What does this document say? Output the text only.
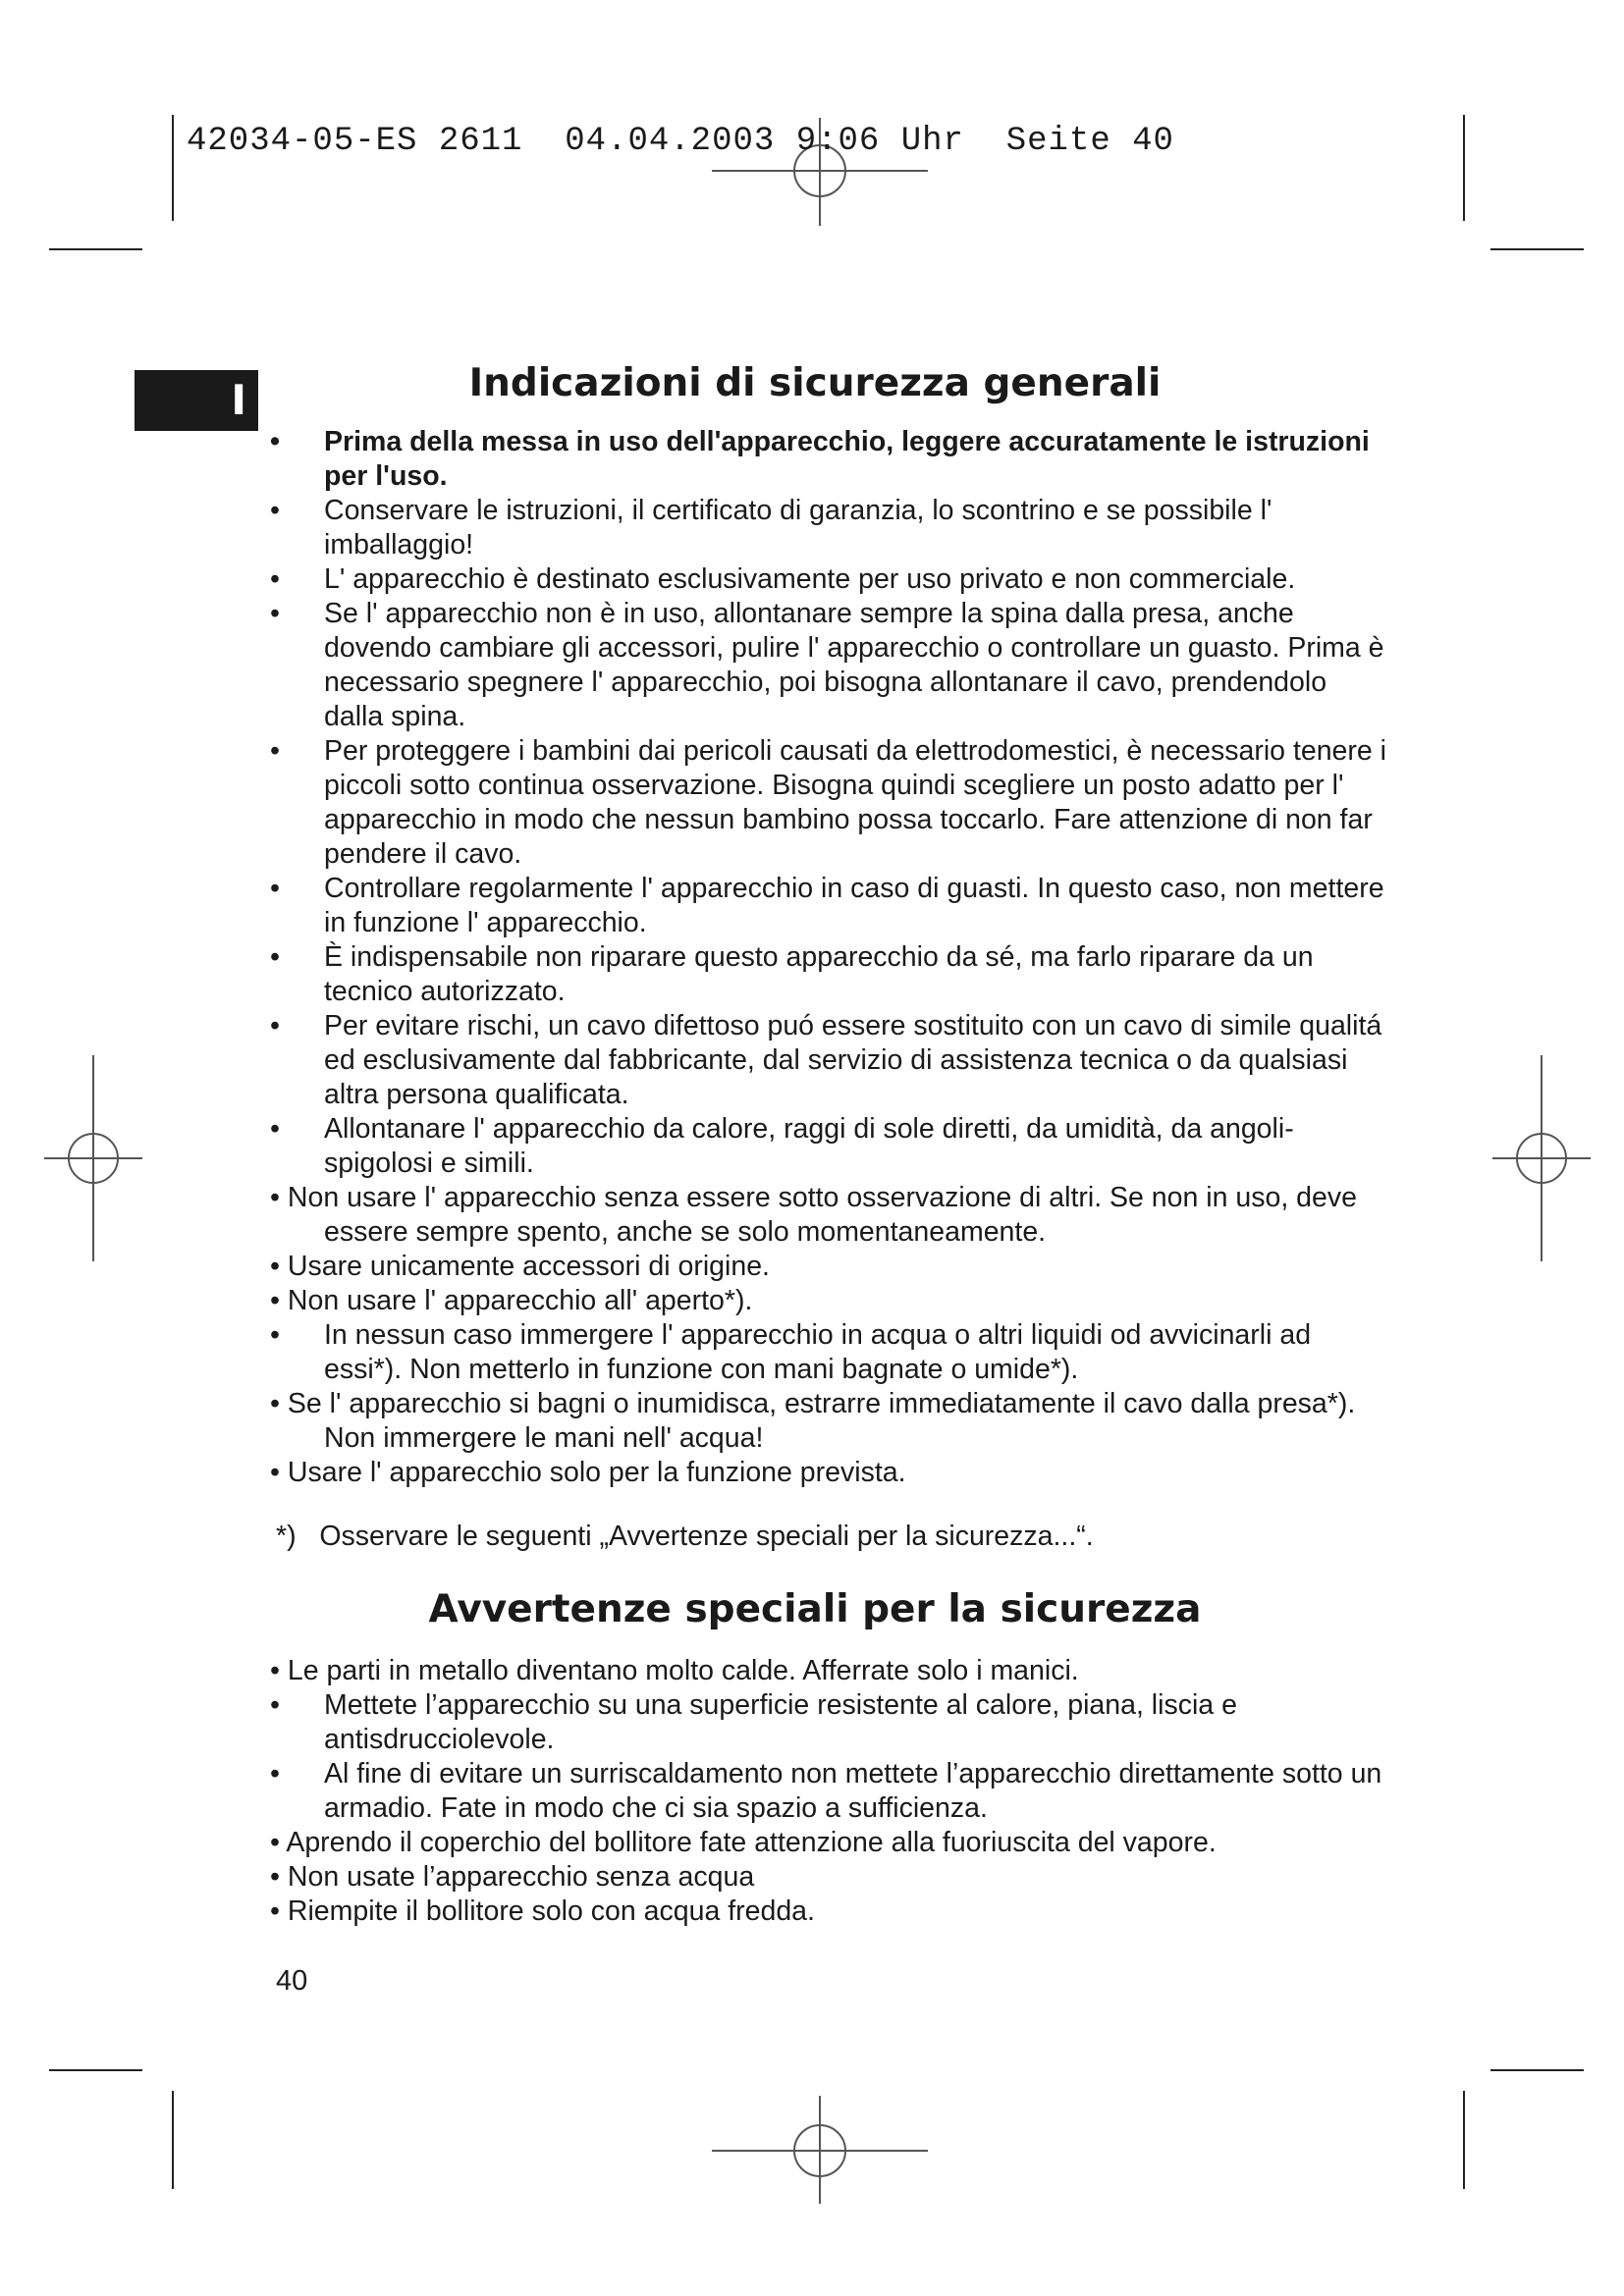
42034-05-ES 2611  04.04.2003 9:06 Uhr  Seite 40
I	Indicazioni di sicurezza generali
• Prima della messa in uso dell'apparecchio, leggere accuratamente le istruzioni per l'uso.
• Conservare le istruzioni, il certificato di garanzia, lo scontrino e se possibile l' imballaggio!
• L' apparecchio è destinato esclusivamente per uso privato e non commerciale.
• Se l' apparecchio non è in uso, allontanare sempre la spina dalla presa, anche dovendo cambiare gli accessori, pulire l' apparecchio o controllare un guasto. Prima è necessario spegnere l' apparecchio, poi bisogna allontanare il cavo, prendendolo dalla spina.
• Per proteggere i bambini dai pericoli causati da elettrodomestici, è necessario tenere i piccoli sotto continua osservazione. Bisogna quindi scegliere un posto adatto per l' apparecchio in modo che nessun bambino possa toccarlo. Fare attenzione di non far pendere il cavo.
• Controllare regolarmente l' apparecchio in caso di guasti. In questo caso, non mettere in funzione l' apparecchio.
• È indispensabile non riparare questo apparecchio da sé, ma farlo riparare da un tecnico autorizzato.
• Per evitare rischi, un cavo difettoso puó essere sostituito con un cavo di simile qualitá ed esclusivamente dal fabbricante, dal servizio di assistenza tecnica o da qualsiasi altra persona qualificata.
• Allontanare l' apparecchio da calore, raggi di sole diretti, da umidità, da angoli-spigolosi e simili.
• Non usare l' apparecchio senza essere sotto osservazione di altri. Se non in uso, deve essere sempre spento, anche se solo momentaneamente.
• Usare unicamente accessori di origine.
• Non usare l' apparecchio all' aperto*).
• In nessun caso immergere l' apparecchio in acqua o altri liquidi od avvicinarli ad essi*). Non metterlo in funzione con mani bagnate o umide*).
• Se l' apparecchio si bagni o inumidisca, estrarre immediatamente il cavo dalla presa*). Non immergere le mani nell' acqua!
• Usare l' apparecchio solo per la funzione prevista.
*)   Osservare le seguenti „Avvertenze speciali per la sicurezza...“.
Avvertenze speciali per la sicurezza
• Le parti in metallo diventano molto calde. Afferrate solo i manici.
• Mettete l’apparecchio su una superficie resistente al calore, piana, liscia e antisdrucciolevole.
• Al fine di evitare un surriscaldamento non mettete l’apparecchio direttamente sotto un armadio. Fate in modo che ci sia spazio a sufficienza.
• Aprendo il coperchio del bollitore fate attenzione alla fuoriuscita del vapore.
• Non usate l’apparecchio senza acqua
• Riempite il bollitore solo con acqua fredda.
40
